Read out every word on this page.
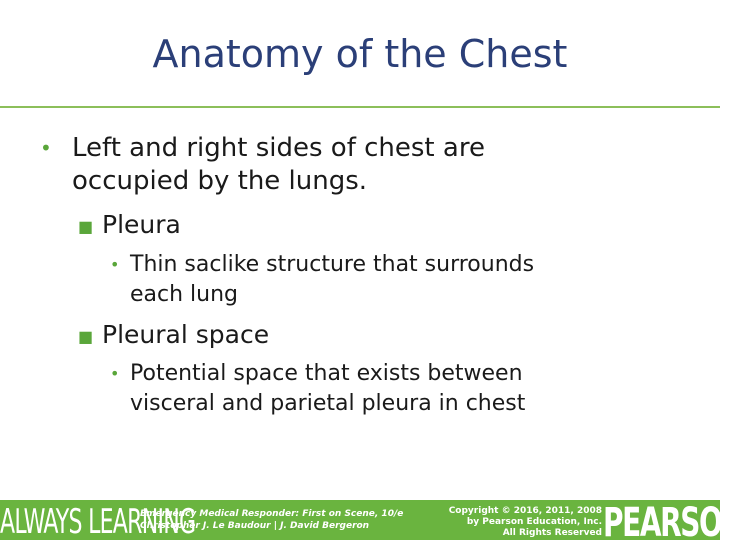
Anatomy of the Chest
• Left and right sides of chest are
occupied by the lungs.
■ Pleura
• Thin saclike structure that surrounds
each lung
■ Pleural space
• Potential space that exists between
visceral and parietal pleura in chest
ALWAYS LEARNING
Emergency Medical Responder: First on Scene, 10/e
Christopher J. Le Baudour | J. David Bergeron
Copyright © 2016, 2011, 2008
by Pearson Education, Inc.
All Rights Reserved PEARSON
